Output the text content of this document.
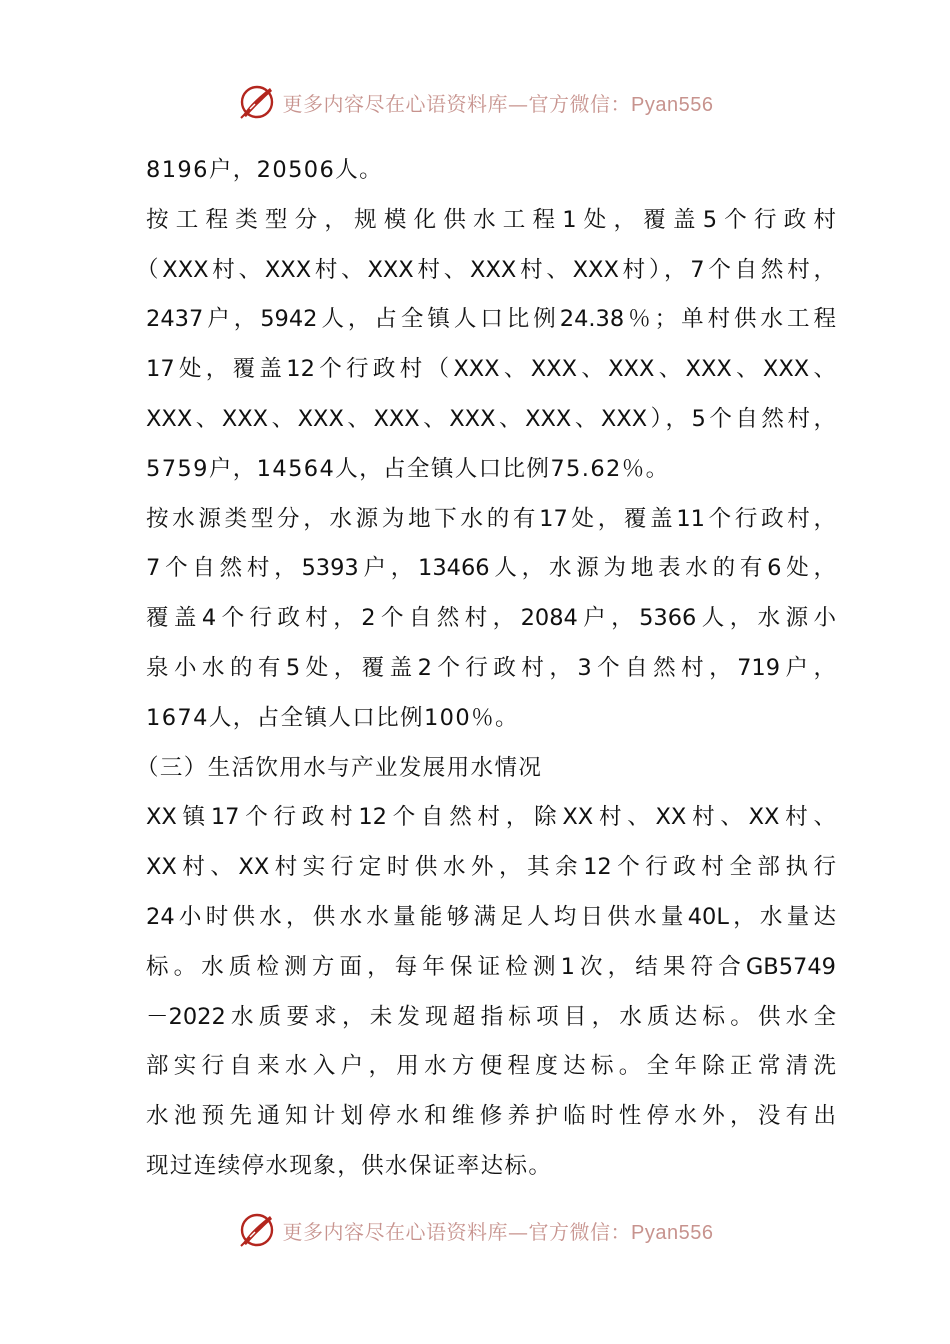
更多内容尽在心语资料库—官方微信：Pyan556
8196户，20506人。
按工程类型分，规模化供水工程1处，覆盖5个行政村
（XXX村、XXX村、XXX村、XXX村、XXX村），7个自然村，
2437户，5942人，占全镇人口比例24.38％；单村供水工程
17处，覆盖12个行政村（XXX、XXX、XXX、XXX、XXX、
XXX、XXX、XXX、XXX、XXX、XXX、XXX），5个自然村，
5759户，14564人，占全镇人口比例75.62％。
按水源类型分，水源为地下水的有17处，覆盖11个行政村，
7个自然村，5393户，13466人，水源为地表水的有6处，
覆盖4个行政村，2个自然村，2084户，5366人，水源小
泉小水的有5处，覆盖2个行政村，3个自然村，719户，
1674人，占全镇人口比例100％。
（三）生活饮用水与产业发展用水情况
XX镇17个行政村12个自然村，除XX村、XX村、XX村、
XX村、XX村实行定时供水外，其余12个行政村全部执行
24小时供水，供水水量能够满足人均日供水量40L，水量达
标。水质检测方面，每年保证检测1次，结果符合GB5749
－2022水质要求，未发现超指标项目，水质达标。供水全
部实行自来水入户，用水方便程度达标。全年除正常清洗
水池预先通知计划停水和维修养护临时性停水外，没有出
现过连续停水现象，供水保证率达标。
更多内容尽在心语资料库—官方微信：Pyan556
